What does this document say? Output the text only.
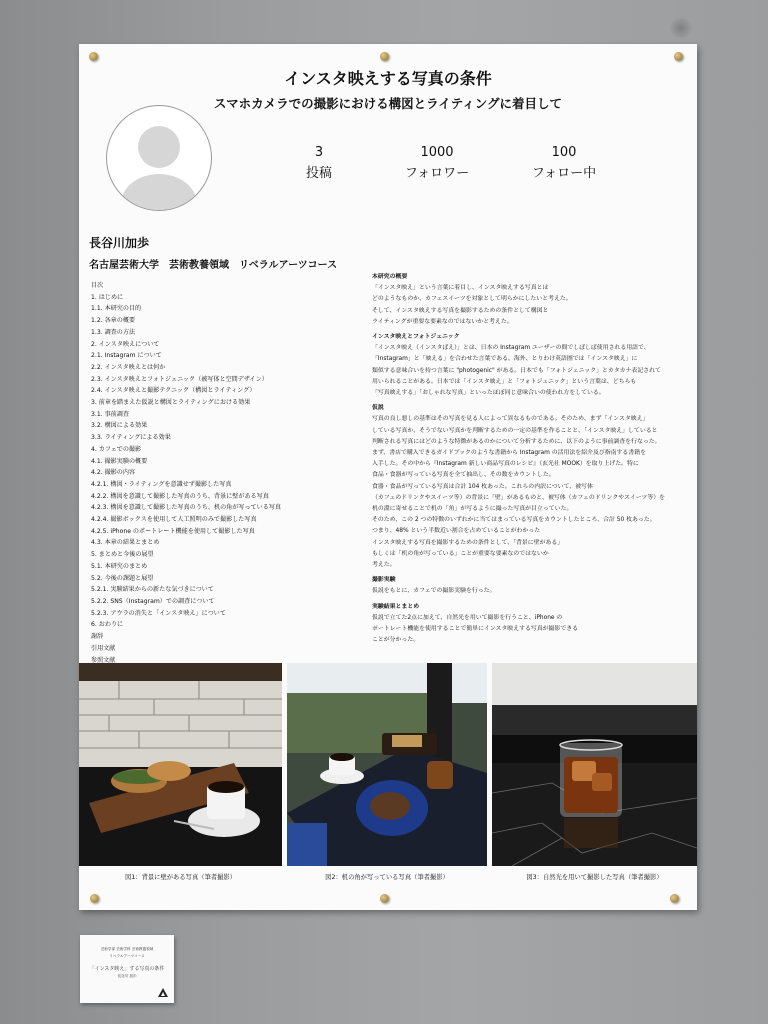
インスタ映えする写真の条件
スマホカメラでの撮影における構図とライティングに着目して
3
投稿
1000
フォロワー
100
フォロー中
長谷川加歩
名古屋芸術大学　芸術教養領域　リベラルアーツコース
目次
1. はじめに
1.1. 本研究の目的
1.2. 各章の概要
1.3. 調査の方法
2. インスタ映えについて
2.1. Instagram について
2.2. インスタ映えとは何か
2.3. インスタ映えとフォトジェニック（被写体と空間デザイン）
2.4. インスタ映えと撮影テクニック（構図とライティング）
3. 前章を踏まえた仮説と構図とライティングにおける効果
3.1. 事前調査
3.2. 構図による効果
3.3. ライティングによる効果
4. カフェでの撮影
4.1. 撮影実験の概要
4.2. 撮影の内容
4.2.1. 構図・ライティングを意識せず撮影した写真
4.2.2. 構図を意識して撮影した写真のうち、背景に壁がある写真
4.2.3. 構図を意識して撮影した写真のうち、机の角が写っている写真
4.2.4. 撮影ボックスを使用して人工照明のみで撮影した写真
4.2.5. iPhone のポートレート機能を使用して撮影した写真
4.3. 本章の結果とまとめ
5. まとめと今後の展望
5.1. 本研究のまとめ
5.2. 今後の課題と展望
5.2.1. 実験結果からの新たな気づきについて
5.2.2. SNS（Instagram）での調査について
5.2.3. アウラの消失と「インスタ映え」について
6. おわりに
謝辞
引用文献
参照文献
本研究の概要
「インスタ映え」という言葉に着目し、インスタ映えする写真とは
どのようなものか、カフェスイーツを対象として明らかにしたいと考えた。
そして、インスタ映えする写真を撮影するための条件として構図と
ライティングが重要な要素なのではないかと考えた。
インスタ映えとフォトジェニック
「インスタ映え（インスタばえ）」とは、日本の Instagram ユーザーの間でしばしば使用される用語で、
「Instagram」と「映える」を合わせた言葉である。海外、とりわけ英語圏では「インスタ映え」に
類似する意味合いを持つ言葉に "photogenic" がある。日本でも「フォトジェニック」とカタカナ表記されて
用いられることがある。日本では「インスタ映え」と「フォトジェニック」という言葉は、どちらも
「写真映えする」「おしゃれな写真」といったほぼ同じ意味合いの使われ方をしている。
仮説
写真の良し悪しの基準はその写真を見る人によって異なるものである。そのため、まず「インスタ映え」
している写真か、そうでない写真かを判断するための一定の基準を作ることと、「インスタ映え」していると
判断される写真にはどのような特徴があるのかについて分析するために、以下のように事前調査を行なった。
まず、書店で購入できるガイドブックのような書籍から Instagram の活用法を紹介及び指南する書籍を
入手した。その中から『Instagram 新しい商品写真のレシピ』（玄光社 MOOK）を取り上げた。特に
食品・食器が写っている写真を全て抽出し、その数をカウントした。
食器・食品が写っている写真は合計 104 枚あった。これらの内訳について、被写体
（カフェのドリンクやスイーツ等）の背景に「壁」があるものと、被写体（カフェのドリンクやスイーツ等）を
机の淵に寄せることで机の「角」が写るように撮った写真が目立っていた。
そのため、この 2 つの特徴のいずれかに当てはまっている写真をカウントしたところ、合計 50 枚あった。
つまり、48% という半数近い割合を占めていることがわかった
インスタ映えする写真を撮影するための条件として、「背景に壁がある」
もしくは「机の角が写っている」ことが重要な要素なのではないか
考えた。
撮影実験
仮説をもとに、カフェでの撮影実験を行った。
実験結果とまとめ
仮説で立てた2点に加えて、自然光を用いて撮影を行うこと、iPhone の
ポートレート機能を使用することで簡単にインスタ映えする写真が撮影できる
ことが分かった。
図1：背景に壁がある写真（筆者撮影）	図2：机の角が写っている写真（筆者撮影）	図3：自然光を用いて撮影した写真（筆者撮影）
芸術学部 芸術学科 芸術教養領域
リベラルアーツコース
「インスタ映え」する写真の条件
長谷川 加歩
